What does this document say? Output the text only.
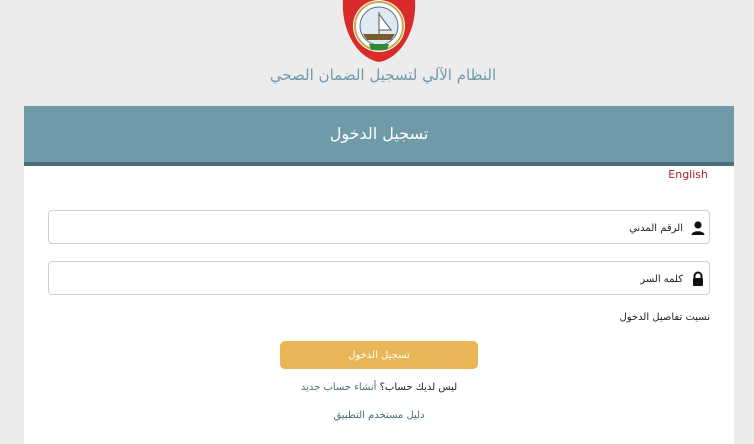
النظام الآلي لتسجيل الضمان الصحي
تسجيل الدخول
English
الرقم المدني
نسيت تفاصيل الدخول
تسجيل الدخول
ليس لديك حساب؟ أنشاء حساب جديد
دليل مستخدم التطبيق
